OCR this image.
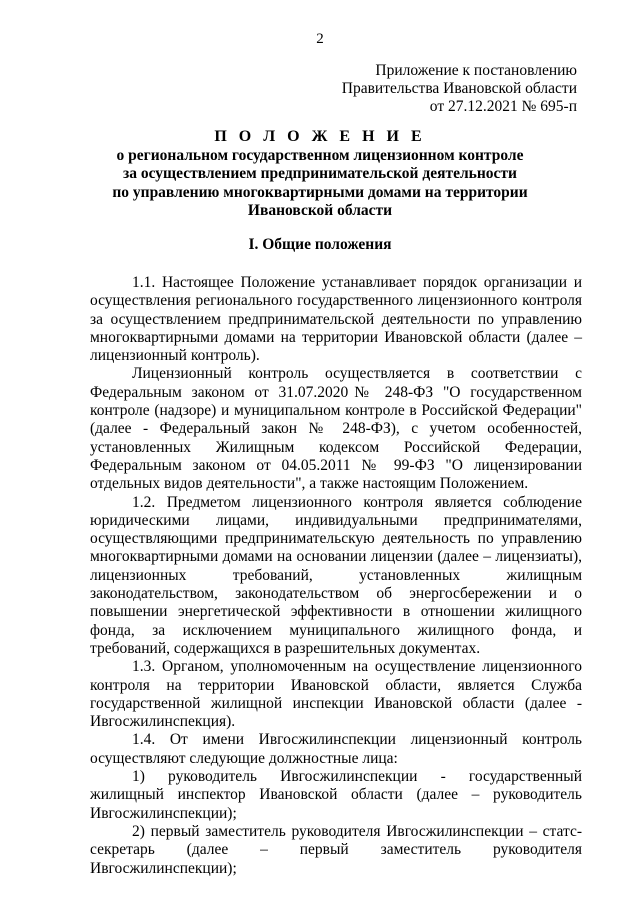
2
Приложение к постановлению
Правительства Ивановской области
от 27.12.2021 № 695-п
П О Л О Ж Е Н И Е
о региональном государственном лицензионном контроле
за осуществлением предпринимательской деятельности
по управлению многоквартирными домами на территории
Ивановской области
I. Общие положения

1.1. Настоящее Положение устанавливает порядок организации и осуществления регионального государственного лицензионного контроля за осуществлением предпринимательской деятельности по управлению многоквартирными домами на территории Ивановской области (далее – лицензионный контроль).

Лицензионный контроль осуществляется в соответствии с Федеральным законом от 31.07.2020№ 248-ФЗ "О государственном контроле (надзоре) и муниципальном контроле в Российской Федерации" (далее - Федеральный закон № 248-ФЗ), с учетом особенностей, установленных Жилищным кодексом Российской Федерации, Федеральным законом от 04.05.2011 № 99-ФЗ "О лицензировании отдельных видов деятельности", а также настоящим Положением.

1.2. Предметом лицензионного контроля является соблюдение юридическими лицами, индивидуальными предпринимателями, осуществляющими предпринимательскую деятельность по управлению многоквартирными домами на основании лицензии (далее – лицензиаты), лицензионных требований, установленных жилищным законодательством, законодательством об энергосбережении и о повышении энергетической эффективности в отношении жилищного фонда, за исключением муниципального жилищного фонда, и требований, содержащихся в разрешительных документах.

1.3. Органом, уполномоченным на осуществление лицензионного контроля на территории Ивановской области, является Служба государственной жилищной инспекции Ивановской области (далее - Ивгосжилинспекция).

1.4. От имени Ивгосжилинспекции лицензионный контроль осуществляют следующие должностные лица:

1) руководитель Ивгосжилинспекции - государственный жилищный инспектор Ивановской области (далее – руководитель Ивгосжилинспекции);

2) первый заместитель руководителя Ивгосжилинспекции – статс-секретарь (далее – первый заместитель руководителя Ивгосжилинспекции);
